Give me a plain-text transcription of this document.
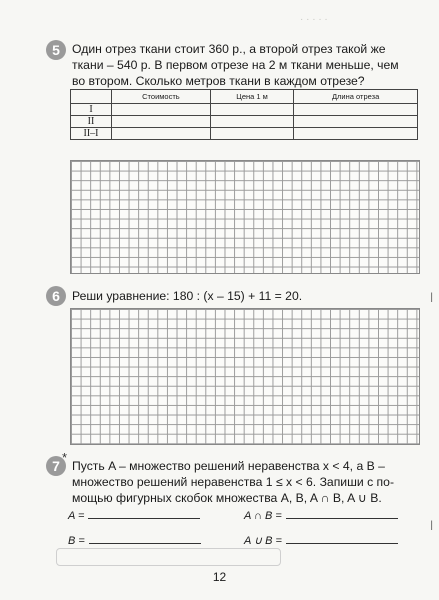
· · · · ·
5 Один отрез ткани стоит 360 р., а второй отрез такой же
ткани – 540 р. В первом отрезе на 2 м ткани меньше, чем
во втором. Сколько метров ткани в каждом отрезе?
	Стоимость	Цена 1 м	Длина отреза
I			
II			
II–I			
6 Реши уравнение: 180 : (x – 15) + 11 = 20.
7
*
Пусть A – множество решений неравенства x < 4, а B –
множество решений неравенства 1 ≤ x < 6. Запиши с по-
мощью фигурных скобок множества A, B, A ∩ B, A ∪ B.
A =	A ∩ B =
B =	A ∪ B =
12
|
|
